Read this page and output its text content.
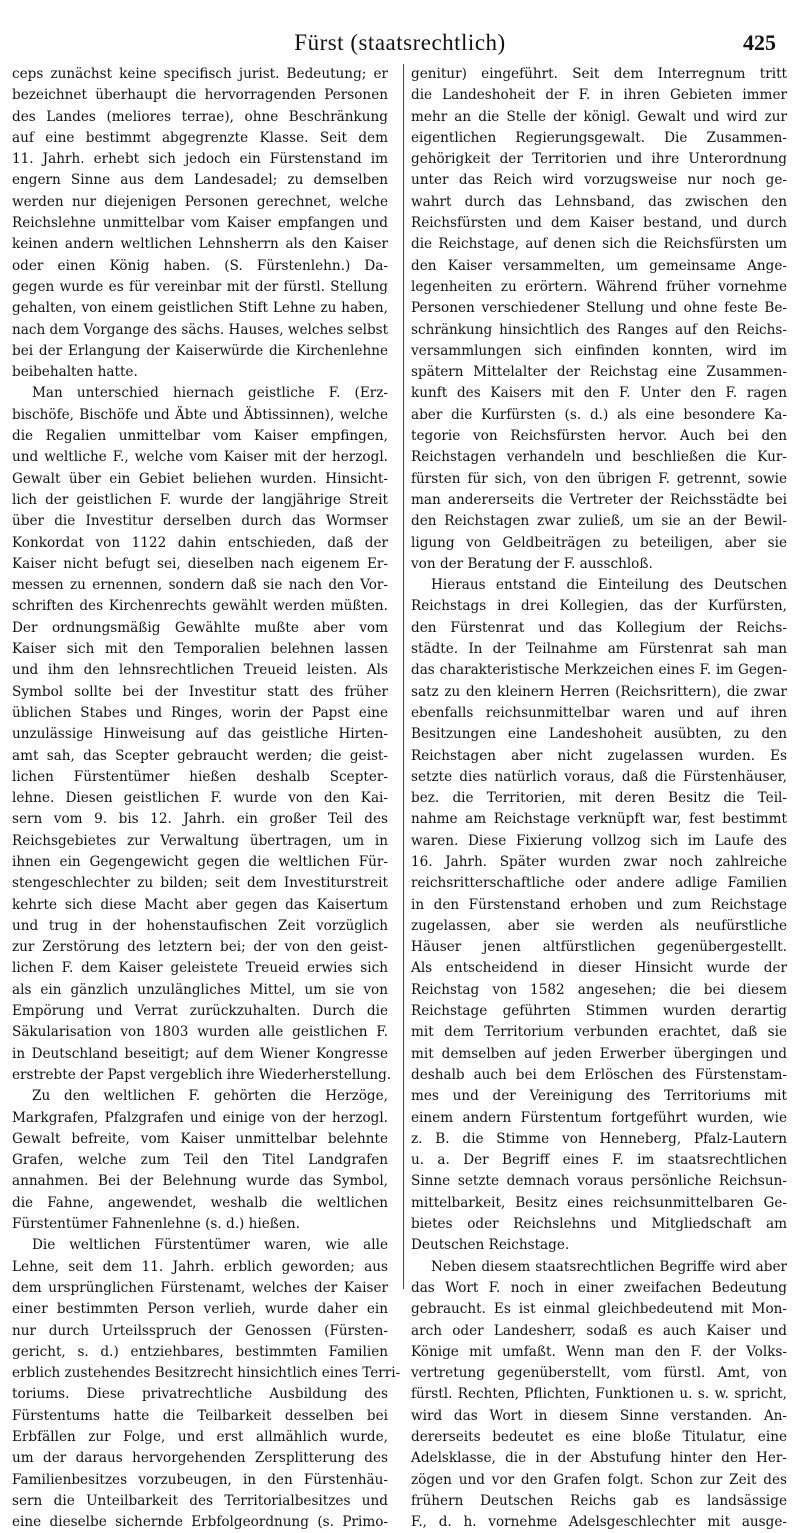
Fürst (staatsrechtlich)	425
ceps zunächst keine specifisch jurist. Bedeutung; er
bezeichnet überhaupt die hervorragenden Personen
des Landes (meliores terrae), ohne Beschränkung
auf eine bestimmt abgegrenzte Klasse. Seit dem
11. Jahrh. erhebt sich jedoch ein Fürstenstand im
engern Sinne aus dem Landesadel; zu demselben
werden nur diejenigen Personen gerechnet, welche
Reichslehne unmittelbar vom Kaiser empfangen und
keinen andern weltlichen Lehnsherrn als den Kaiser
oder einen König haben. (S. Fürstenlehn.) Da-
gegen wurde es für vereinbar mit der fürstl. Stellung
gehalten, von einem geistlichen Stift Lehne zu haben,
nach dem Vorgange des sächs. Hauses, welches selbst
bei der Erlangung der Kaiserwürde die Kirchenlehne
beibehalten hatte.
Man unterschied hiernach geistliche F. (Erz-
bischöfe, Bischöfe und Äbte und Äbtissinnen), welche
die Regalien unmittelbar vom Kaiser empfingen,
und weltliche F., welche vom Kaiser mit der herzogl.
Gewalt über ein Gebiet beliehen wurden. Hinsicht-
lich der geistlichen F. wurde der langjährige Streit
über die Investitur derselben durch das Wormser
Konkordat von 1122 dahin entschieden, daß der
Kaiser nicht befugt sei, dieselben nach eigenem Er-
messen zu ernennen, sondern daß sie nach den Vor-
schriften des Kirchenrechts gewählt werden müßten.
Der ordnungsmäßig Gewählte mußte aber vom
Kaiser sich mit den Temporalien belehnen lassen
und ihm den lehnsrechtlichen Treueid leisten. Als
Symbol sollte bei der Investitur statt des früher
üblichen Stabes und Ringes, worin der Papst eine
unzulässige Hinweisung auf das geistliche Hirten-
amt sah, das Scepter gebraucht werden; die geist-
lichen Fürstentümer hießen deshalb Scepter-
lehne. Diesen geistlichen F. wurde von den Kai-
sern vom 9. bis 12. Jahrh. ein großer Teil des
Reichsgebietes zur Verwaltung übertragen, um in
ihnen ein Gegengewicht gegen die weltlichen Für-
stengeschlechter zu bilden; seit dem Investiturstreit
kehrte sich diese Macht aber gegen das Kaisertum
und trug in der hohenstaufischen Zeit vorzüglich
zur Zerstörung des letztern bei; der von den geist-
lichen F. dem Kaiser geleistete Treueid erwies sich
als ein gänzlich unzulängliches Mittel, um sie von
Empörung und Verrat zurückzuhalten. Durch die
Säkularisation von 1803 wurden alle geistlichen F.
in Deutschland beseitigt; auf dem Wiener Kongresse
erstrebte der Papst vergeblich ihre Wiederherstellung.
Zu den weltlichen F. gehörten die Herzöge,
Markgrafen, Pfalzgrafen und einige von der herzogl.
Gewalt befreite, vom Kaiser unmittelbar belehnte
Grafen, welche zum Teil den Titel Landgrafen
annahmen. Bei der Belehnung wurde das Symbol,
die Fahne, angewendet, weshalb die weltlichen
Fürstentümer Fahnenlehne (s. d.) hießen.
Die weltlichen Fürstentümer waren, wie alle
Lehne, seit dem 11. Jahrh. erblich geworden; aus
dem ursprünglichen Fürstenamt, welches der Kaiser
einer bestimmten Person verlieh, wurde daher ein
nur durch Urteilsspruch der Genossen (Fürsten-
gericht, s. d.) entziehbares, bestimmten Familien
erblich zustehendes Besitzrecht hinsichtlich eines Terri-
toriums. Diese privatrechtliche Ausbildung des
Fürstentums hatte die Teilbarkeit desselben bei
Erbfällen zur Folge, und erst allmählich wurde,
um der daraus hervorgehenden Zersplitterung des
Familienbesitzes vorzubeugen, in den Fürstenhäu-
sern die Unteilbarkeit des Territorialbesitzes und
eine dieselbe sichernde Erbfolgeordnung (s. Primo-
genitur) eingeführt. Seit dem Interregnum tritt
die Landeshoheit der F. in ihren Gebieten immer
mehr an die Stelle der königl. Gewalt und wird zur
eigentlichen Regierungsgewalt. Die Zusammen-
gehörigkeit der Territorien und ihre Unterordnung
unter das Reich wird vorzugsweise nur noch ge-
wahrt durch das Lehnsband, das zwischen den
Reichsfürsten und dem Kaiser bestand, und durch
die Reichstage, auf denen sich die Reichsfürsten um
den Kaiser versammelten, um gemeinsame Ange-
legenheiten zu erörtern. Während früher vornehme
Personen verschiedener Stellung und ohne feste Be-
schränkung hinsichtlich des Ranges auf den Reichs-
versammlungen sich einfinden konnten, wird im
spätern Mittelalter der Reichstag eine Zusammen-
kunft des Kaisers mit den F. Unter den F. ragen
aber die Kurfürsten (s. d.) als eine besondere Ka-
tegorie von Reichsfürsten hervor. Auch bei den
Reichstagen verhandeln und beschließen die Kur-
fürsten für sich, von den übrigen F. getrennt, sowie
man andererseits die Vertreter der Reichsstädte bei
den Reichstagen zwar zuließ, um sie an der Bewil-
ligung von Geldbeiträgen zu beteiligen, aber sie
von der Beratung der F. ausschloß.
Hieraus entstand die Einteilung des Deutschen
Reichstags in drei Kollegien, das der Kurfürsten,
den Fürstenrat und das Kollegium der Reichs-
städte. In der Teilnahme am Fürstenrat sah man
das charakteristische Merkzeichen eines F. im Gegen-
satz zu den kleinern Herren (Reichsrittern), die zwar
ebenfalls reichsunmittelbar waren und auf ihren
Besitzungen eine Landeshoheit ausübten, zu den
Reichstagen aber nicht zugelassen wurden. Es
setzte dies natürlich voraus, daß die Fürstenhäuser,
bez. die Territorien, mit deren Besitz die Teil-
nahme am Reichstage verknüpft war, fest bestimmt
waren. Diese Fixierung vollzog sich im Laufe des
16. Jahrh. Später wurden zwar noch zahlreiche
reichsritterschaftliche oder andere adlige Familien
in den Fürstenstand erhoben und zum Reichstage
zugelassen, aber sie werden als neufürstliche
Häuser jenen altfürstlichen gegenübergestellt.
Als entscheidend in dieser Hinsicht wurde der
Reichstag von 1582 angesehen; die bei diesem
Reichstage geführten Stimmen wurden derartig
mit dem Territorium verbunden erachtet, daß sie
mit demselben auf jeden Erwerber übergingen und
deshalb auch bei dem Erlöschen des Fürstenstam-
mes und der Vereinigung des Territoriums mit
einem andern Fürstentum fortgeführt wurden, wie
z. B. die Stimme von Henneberg, Pfalz-Lautern
u. a. Der Begriff eines F. im staatsrechtlichen
Sinne setzte demnach voraus persönliche Reichsun-
mittelbarkeit, Besitz eines reichsunmittelbaren Ge-
bietes oder Reichslehns und Mitgliedschaft am
Deutschen Reichstage.
Neben diesem staatsrechtlichen Begriffe wird aber
das Wort F. noch in einer zweifachen Bedeutung
gebraucht. Es ist einmal gleichbedeutend mit Mon-
arch oder Landesherr, sodaß es auch Kaiser und
Könige mit umfaßt. Wenn man den F. der Volks-
vertretung gegenüberstellt, vom fürstl. Amt, von
fürstl. Rechten, Pflichten, Funktionen u. s. w. spricht,
wird das Wort in diesem Sinne verstanden. An-
dererseits bedeutet es eine bloße Titulatur, eine
Adelsklasse, die in der Abstufung hinter den Her-
zögen und vor den Grafen folgt. Schon zur Zeit des
frühern Deutschen Reichs gab es landsässige
F., d. h. vornehme Adelsgeschlechter mit ausge-
